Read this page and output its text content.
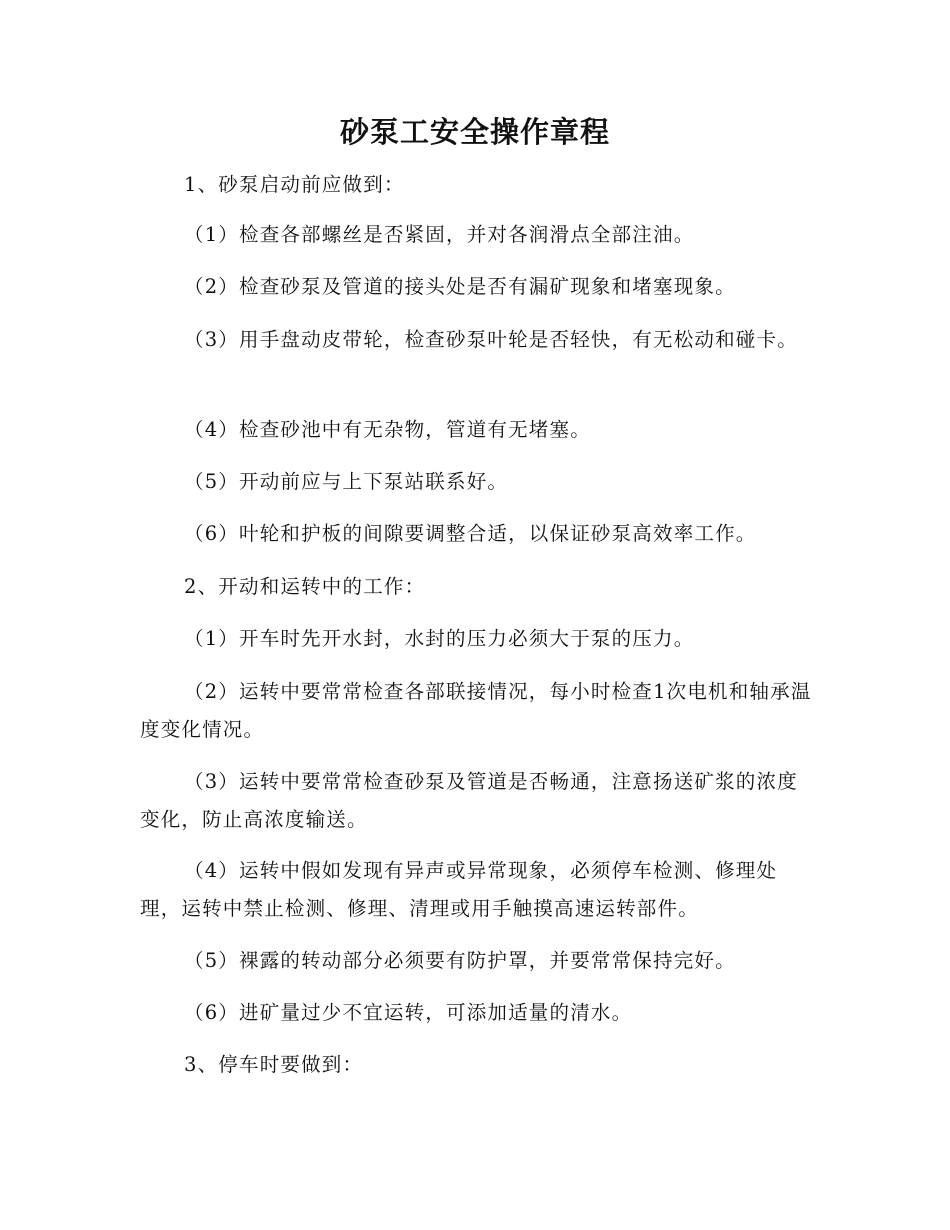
砂泵工安全操作章程
1、砂泵启动前应做到：
（1）检查各部螺丝是否紧固，并对各润滑点全部注油。
（2）检查砂泵及管道的接头处是否有漏矿现象和堵塞现象。
（3）用手盘动皮带轮，检查砂泵叶轮是否轻快，有无松动和碰卡。
（4）检查砂池中有无杂物，管道有无堵塞。
（5）开动前应与上下泵站联系好。
（6）叶轮和护板的间隙要调整合适，以保证砂泵高效率工作。
2、开动和运转中的工作：
（1）开车时先开水封，水封的压力必须大于泵的压力。
（2）运转中要常常检查各部联接情况，每小时检查1次电机和轴承温度变化情况。
（3）运转中要常常检查砂泵及管道是否畅通，注意扬送矿浆的浓度变化，防止高浓度输送。
（4）运转中假如发现有异声或异常现象，必须停车检测、修理处理，运转中禁止检测、修理、清理或用手触摸高速运转部件。
（5）裸露的转动部分必须要有防护罩，并要常常保持完好。
（6）进矿量过少不宜运转，可添加适量的清水。
3、停车时要做到：
